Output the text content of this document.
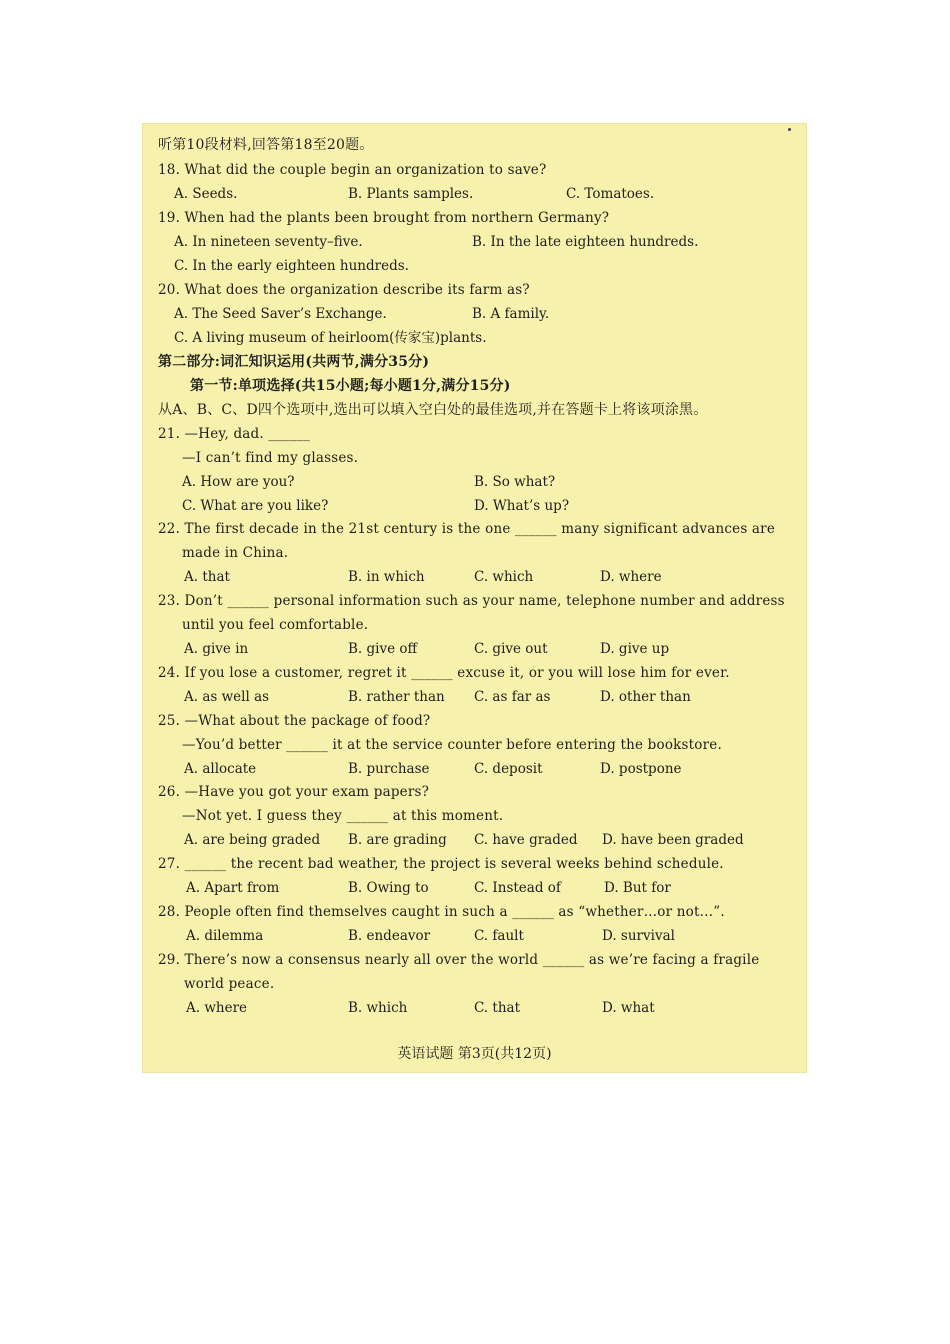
听第10段材料,回答第18至20题。
18. What did the couple begin an organization to save?
A. Seeds.	B. Plants samples.	C. Tomatoes.
19. When had the plants been brought from northern Germany?
A. In nineteen seventy–five.	B. In the late eighteen hundreds.
C. In the early eighteen hundreds.
20. What does the organization describe its farm as?
A. The Seed Saver’s Exchange.	B. A family.
C. A living museum of heirloom(传家宝)plants.
第二部分:词汇知识运用(共两节,满分35分)
第一节:单项选择(共15小题;每小题1分,满分15分)
从A、B、C、D四个选项中,选出可以填入空白处的最佳选项,并在答题卡上将该项涂黑。
21. —Hey, dad. ______
—I can’t find my glasses.
A. How are you?	B. So what?
C. What are you like?	D. What’s up?
22. The first decade in the 21st century is the one ______ many significant advances are
made in China.
A. that	B. in which	C. which	D. where
23. Don’t ______ personal information such as your name, telephone number and address
until you feel comfortable.
A. give in	B. give off	C. give out	D. give up
24. If you lose a customer, regret it ______ excuse it, or you will lose him for ever.
A. as well as	B. rather than C. as far as	D. other than
25. —What about the package of food?
—You’d better ______ it at the service counter before entering the bookstore.
A. allocate	B. purchase	C. deposit	D. postpone
26. —Have you got your exam papers?
—Not yet. I guess they ______ at this moment.
A. are being graded B. are grading C. have graded D. have been graded
27. ______ the recent bad weather, the project is several weeks behind schedule.
A. Apart from	B. Owing to	C. Instead of	D. But for
28. People often find themselves caught in such a ______ as “whether…or not…”.
A. dilemma	B. endeavor	C. fault	D. survival
29. There’s now a consensus nearly all over the world ______ as we’re facing a fragile
world peace.
A. where	B. which	C. that	D. what
英语试题 第3页(共12页)
